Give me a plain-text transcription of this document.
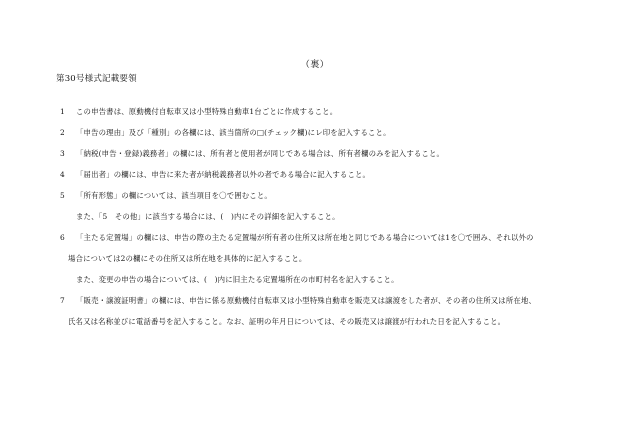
（裏）
第30号様式記載要領
1 この申告書は、原動機付自転車又は小型特殊自動車1台ごとに作成すること。
2 「申告の理由」及び「種別」の各欄には、該当箇所の□(チェック欄)にレ印を記入すること。
3 「納税(申告・登録)義務者」の欄には、所有者と使用者が同じである場合は、所有者欄のみを記入すること。
4 「届出者」の欄には、申告に来た者が納税義務者以外の者である場合に記入すること。
5 「所有形態」の欄については、該当項目を〇で囲むこと。
また、「5　その他」に該当する場合には、(　)内にその詳細を記入すること。
6 「主たる定置場」の欄には、申告の際の主たる定置場が所有者の住所又は所在地と同じである場合については1を〇で囲み、それ以外の
場合については2の欄にその住所又は所在地を具体的に記入すること。
また、変更の申告の場合については、(　)内に旧主たる定置場所在の市町村名を記入すること。
7 「販売・譲渡証明書」の欄には、申告に係る原動機付自転車又は小型特殊自動車を販売又は譲渡をした者が、その者の住所又は所在地、
氏名又は名称並びに電話番号を記入すること。なお、証明の年月日については、その販売又は譲渡が行われた日を記入すること。
